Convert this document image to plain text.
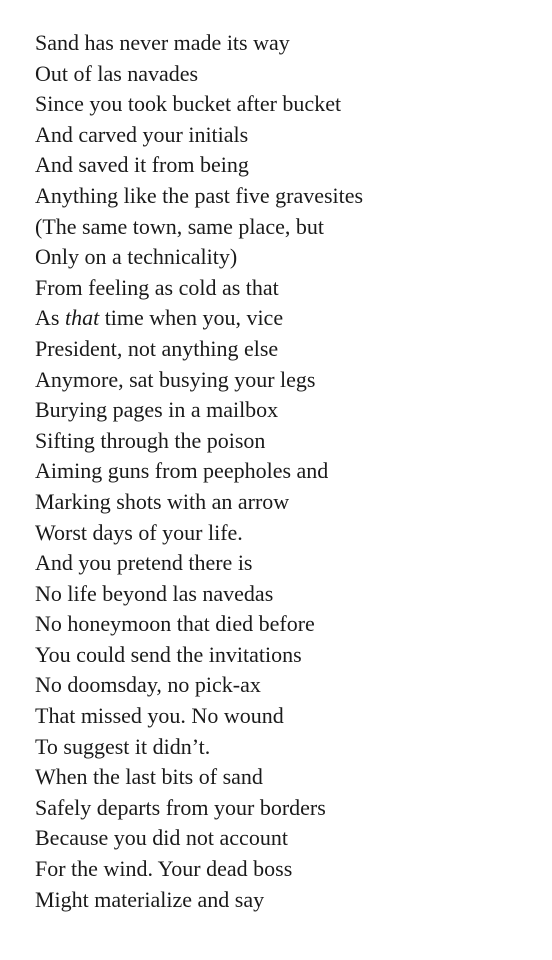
Sand has never made its way
Out of las navades
Since you took bucket after bucket
And carved your initials
And saved it from being
Anything like the past five gravesites
(The same town, same place, but
Only on a technicality)
From feeling as cold as that
As that time when you, vice
President, not anything else
Anymore, sat busying your legs
Burying pages in a mailbox
Sifting through the poison
Aiming guns from peepholes and
Marking shots with an arrow
Worst days of your life.
And you pretend there is
No life beyond las navedas
No honeymoon that died before
You could send the invitations
No doomsday, no pick-ax
That missed you. No wound
To suggest it didn’t.
When the last bits of sand
Safely departs from your borders
Because you did not account
For the wind. Your dead boss
Might materialize and say
